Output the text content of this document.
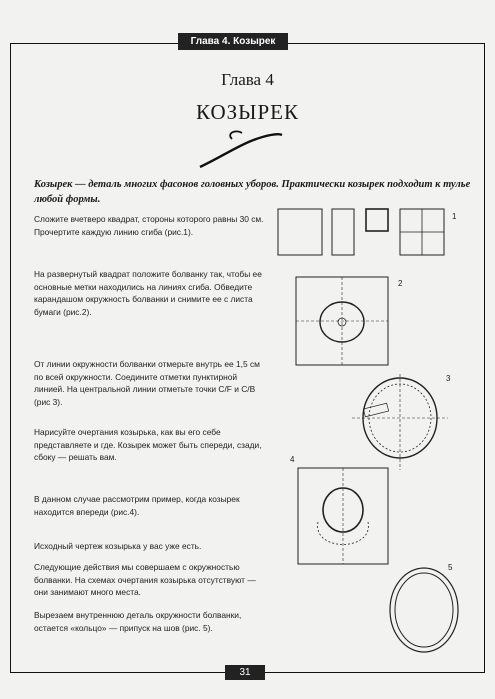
Глава 4. Козырек
Глава 4
КОЗЫРЕК
Козырек — деталь многих фасонов головных уборов. Практически козырек подходит к тулье любой формы.
Сложите вчетверо квадрат, стороны которого равны 30 см. Прочертите каждую линию сгиба (рис.1).
На развернутый квадрат положите болванку так, чтобы ее основные метки находились на линиях сгиба. Обведите карандашом окружность болванки и снимите ее с листа бумаги (рис.2).
От линии окружности болванки отмерьте внутрь ее 1,5 см по всей окружности. Соедините отметки пунктирной линией. На центральной линии отметьте точки C/F и C/B (рис 3).
Нарисуйте очертания козырька, как вы его себе представляете и где. Козырек может быть спереди, сзади, сбоку — решать вам.
В данном случае рассмотрим пример, когда козырек находится впереди (рис.4).
Исходный чертеж козырька у вас уже есть.
Следующие действия мы совершаем с окружностью болванки. На схемах очертания козырька отсутствуют — они занимают много места.
Вырезаем внутреннюю деталь окружности болванки, остается «кольцо» — припуск на шов (рис. 5).
1
2
3
4
5
31
